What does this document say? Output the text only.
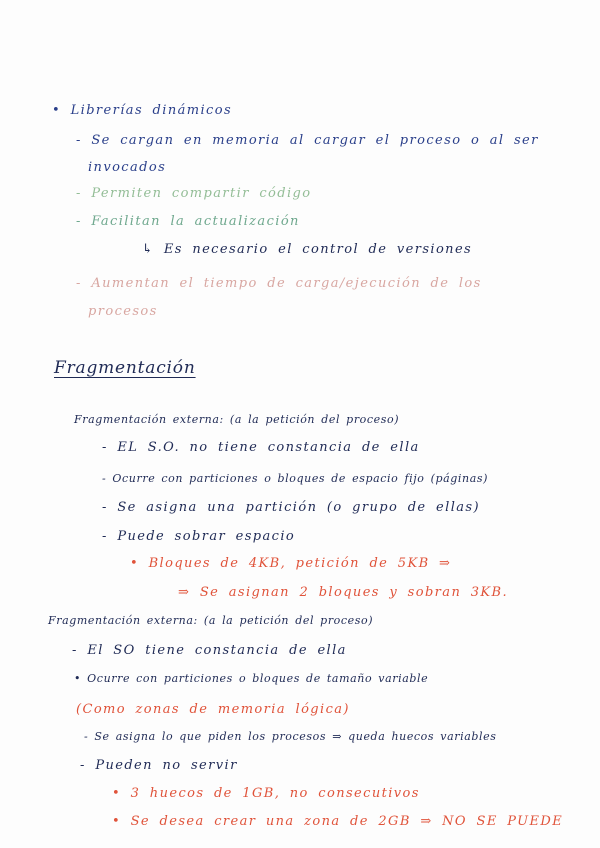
• Librerías dinámicos
- Se cargan en memoria al cargar el proceso o al ser
invocados
- Permiten compartir código
- Facilitan la actualización
↳ Es necesario el control de versiones
- Aumentan el tiempo de carga/ejecución de los
procesos
Fragmentación
Fragmentación externa: (a la petición del proceso)
- EL S.O. no tiene constancia de ella
- Ocurre con particiones o bloques de espacio fijo (páginas)
- Se asigna una partición (o grupo de ellas)
- Puede sobrar espacio
• Bloques de 4KB, petición de 5KB ⇒
⇒ Se asignan 2 bloques y sobran 3KB.
Fragmentación externa: (a la petición del proceso)
- El SO tiene constancia de ella
• Ocurre con particiones o bloques de tamaño variable
(Como zonas de memoria lógica)
- Se asigna lo que piden los procesos ⇒ queda huecos variables
- Pueden no servir
• 3 huecos de 1GB, no consecutivos
• Se desea crear una zona de 2GB ⇒ NO SE PUEDE
